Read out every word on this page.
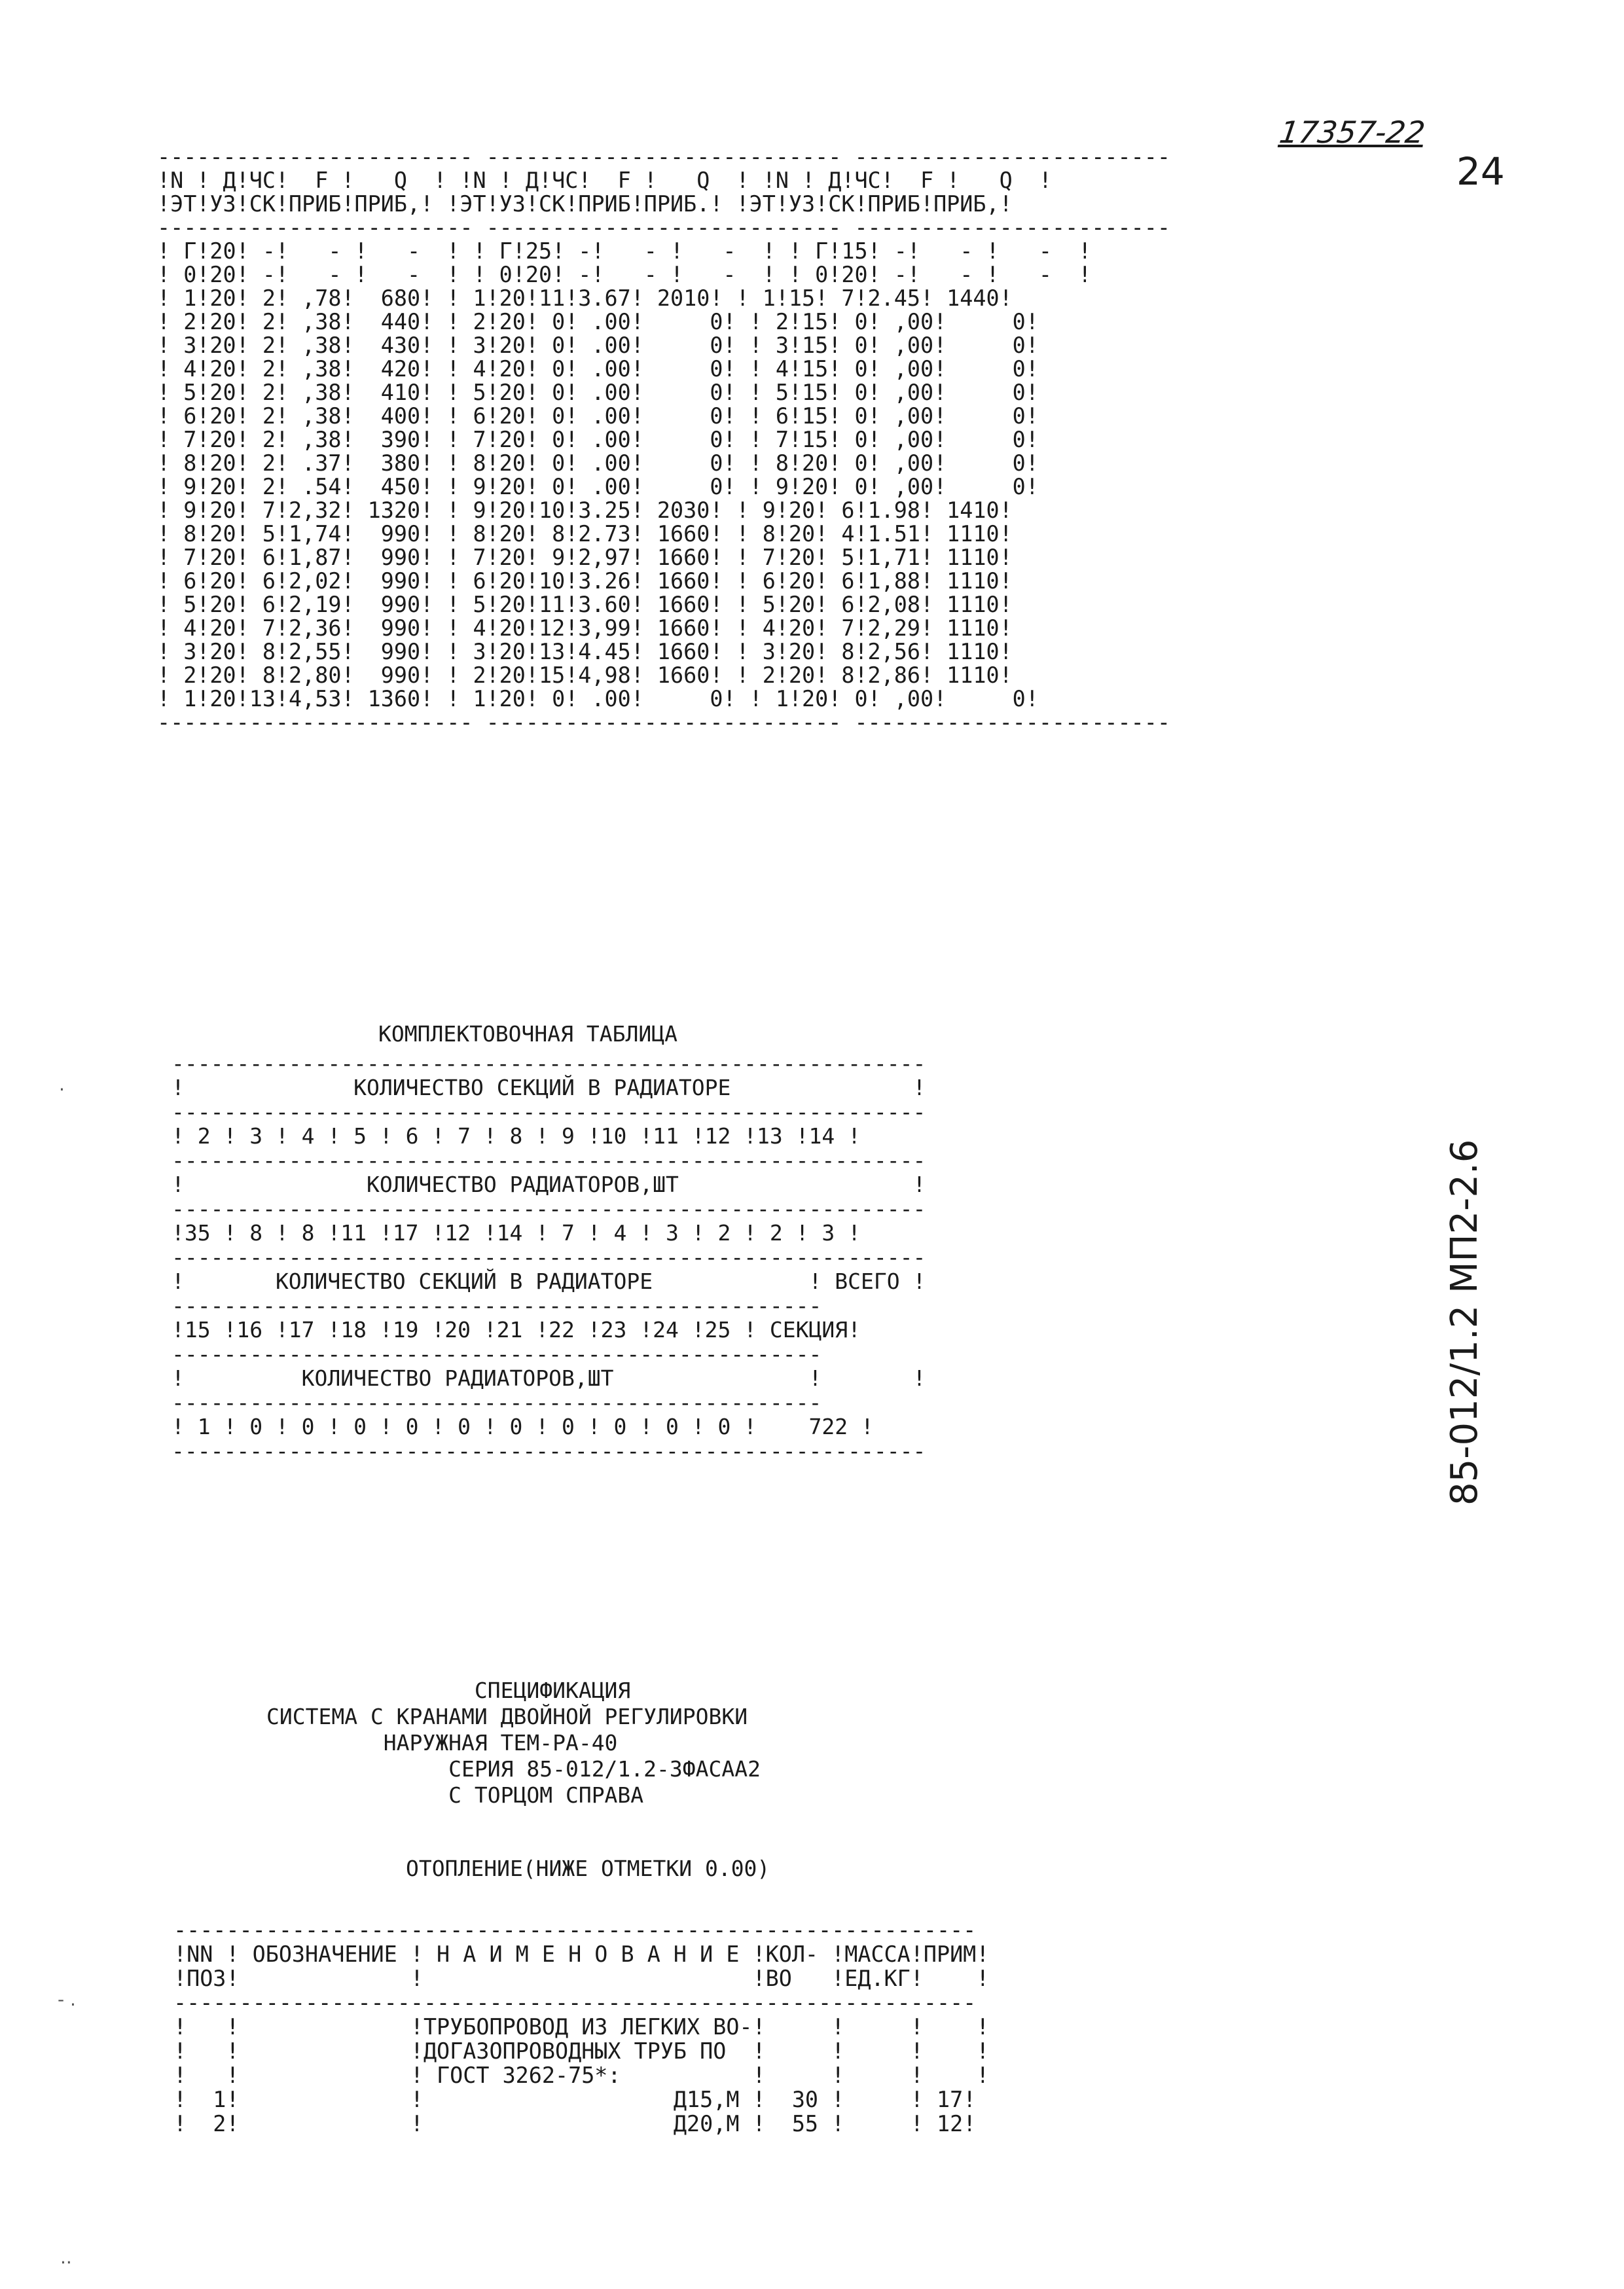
17357-22
24
85-012/1.2 МП2-2.6
------------------------ --------------------------- ------------------------
!N ! Д!ЧС!  F !   Q  ! !N ! Д!ЧС!  F !   Q  ! !N ! Д!ЧС!  F !   Q  !
!ЭТ!УЗ!СК!ПРИБ!ПРИБ,! !ЭТ!УЗ!СК!ПРИБ!ПРИБ.! !ЭТ!УЗ!СК!ПРИБ!ПРИБ,!
------------------------ --------------------------- ------------------------
! Г!20! -!   - !   -  ! ! Г!25! -!   - !   -  ! ! Г!15! -!   - !   -  !
! 0!20! -!   - !   -  ! ! 0!20! -!   - !   -  ! ! 0!20! -!   - !   -  !
! 1!20! 2! ,78!  680! ! 1!20!11!3.67! 2010! ! 1!15! 7!2.45! 1440!
! 2!20! 2! ,38!  440! ! 2!20! 0! .00!     0! ! 2!15! 0! ,00!     0!
! 3!20! 2! ,38!  430! ! 3!20! 0! .00!     0! ! 3!15! 0! ,00!     0!
! 4!20! 2! ,38!  420! ! 4!20! 0! .00!     0! ! 4!15! 0! ,00!     0!
! 5!20! 2! ,38!  410! ! 5!20! 0! .00!     0! ! 5!15! 0! ,00!     0!
! 6!20! 2! ,38!  400! ! 6!20! 0! .00!     0! ! 6!15! 0! ,00!     0!
! 7!20! 2! ,38!  390! ! 7!20! 0! .00!     0! ! 7!15! 0! ,00!     0!
! 8!20! 2! .37!  380! ! 8!20! 0! .00!     0! ! 8!20! 0! ,00!     0!
! 9!20! 2! .54!  450! ! 9!20! 0! .00!     0! ! 9!20! 0! ,00!     0!
! 9!20! 7!2,32! 1320! ! 9!20!10!3.25! 2030! ! 9!20! 6!1.98! 1410!
! 8!20! 5!1,74!  990! ! 8!20! 8!2.73! 1660! ! 8!20! 4!1.51! 1110!
! 7!20! 6!1,87!  990! ! 7!20! 9!2,97! 1660! ! 7!20! 5!1,71! 1110!
! 6!20! 6!2,02!  990! ! 6!20!10!3.26! 1660! ! 6!20! 6!1,88! 1110!
! 5!20! 6!2,19!  990! ! 5!20!11!3.60! 1660! ! 5!20! 6!2,08! 1110!
! 4!20! 7!2,36!  990! ! 4!20!12!3,99! 1660! ! 4!20! 7!2,29! 1110!
! 3!20! 8!2,55!  990! ! 3!20!13!4.45! 1660! ! 3!20! 8!2,56! 1110!
! 2!20! 8!2,80!  990! ! 2!20!15!4,98! 1660! ! 2!20! 8!2,86! 1110!
! 1!20!13!4,53! 1360! ! 1!20! 0! .00!     0! ! 1!20! 0! ,00!     0!
------------------------ --------------------------- ------------------------
КОМПЛЕКТОВОЧНАЯ ТАБЛИЦА
----------------------------------------------------------
!             КОЛИЧЕСТВО СЕКЦИЙ В РАДИАТОРЕ              !
----------------------------------------------------------
! 2 ! 3 ! 4 ! 5 ! 6 ! 7 ! 8 ! 9 !10 !11 !12 !13 !14 !
----------------------------------------------------------
!              КОЛИЧЕСТВО РАДИАТОРОВ,ШТ                  !
----------------------------------------------------------
!35 ! 8 ! 8 !11 !17 !12 !14 ! 7 ! 4 ! 3 ! 2 ! 2 ! 3 !
----------------------------------------------------------
!       КОЛИЧЕСТВО СЕКЦИЙ В РАДИАТОРЕ            ! ВСЕГО !
--------------------------------------------------
!15 !16 !17 !18 !19 !20 !21 !22 !23 !24 !25 ! СЕКЦИЯ!
--------------------------------------------------
!         КОЛИЧЕСТВО РАДИАТОРОВ,ШТ               !       !
--------------------------------------------------
! 1 ! 0 ! 0 ! 0 ! 0 ! 0 ! 0 ! 0 ! 0 ! 0 ! 0 !    722 !
----------------------------------------------------------
СПЕЦИФИКАЦИЯ
СИСТЕМА С КРАНАМИ ДВОЙНОЙ РЕГУЛИРОВКИ
НАРУЖНАЯ ТЕМ-РА-40
СЕРИЯ 85-012/1.2-3ФАСАА2
С ТОРЦОМ СПРАВА
ОТОПЛЕНИЕ(НИЖЕ ОТМЕТКИ 0.00)
-------------------------------------------------------------
!NN ! ОБОЗНАЧЕНИЕ ! Н А И М Е Н О В А Н И Е !КОЛ- !МАССА!ПРИМ!
!ПОЗ!             !                         !ВО   !ЕД.КГ!    !
-------------------------------------------------------------
!   !             !ТРУБОПРОВОД ИЗ ЛЕГКИХ ВО-!     !     !    !
!   !             !ДОГАЗОПРОВОДНЫХ ТРУБ ПО  !     !     !    !
!   !             ! ГОСТ 3262-75*:          !     !     !    !
!  1!             !                   Д15,М !  30 !     ! 17!
!  2!             !                   Д20,М !  55 !     ! 12!
·
- .
..
